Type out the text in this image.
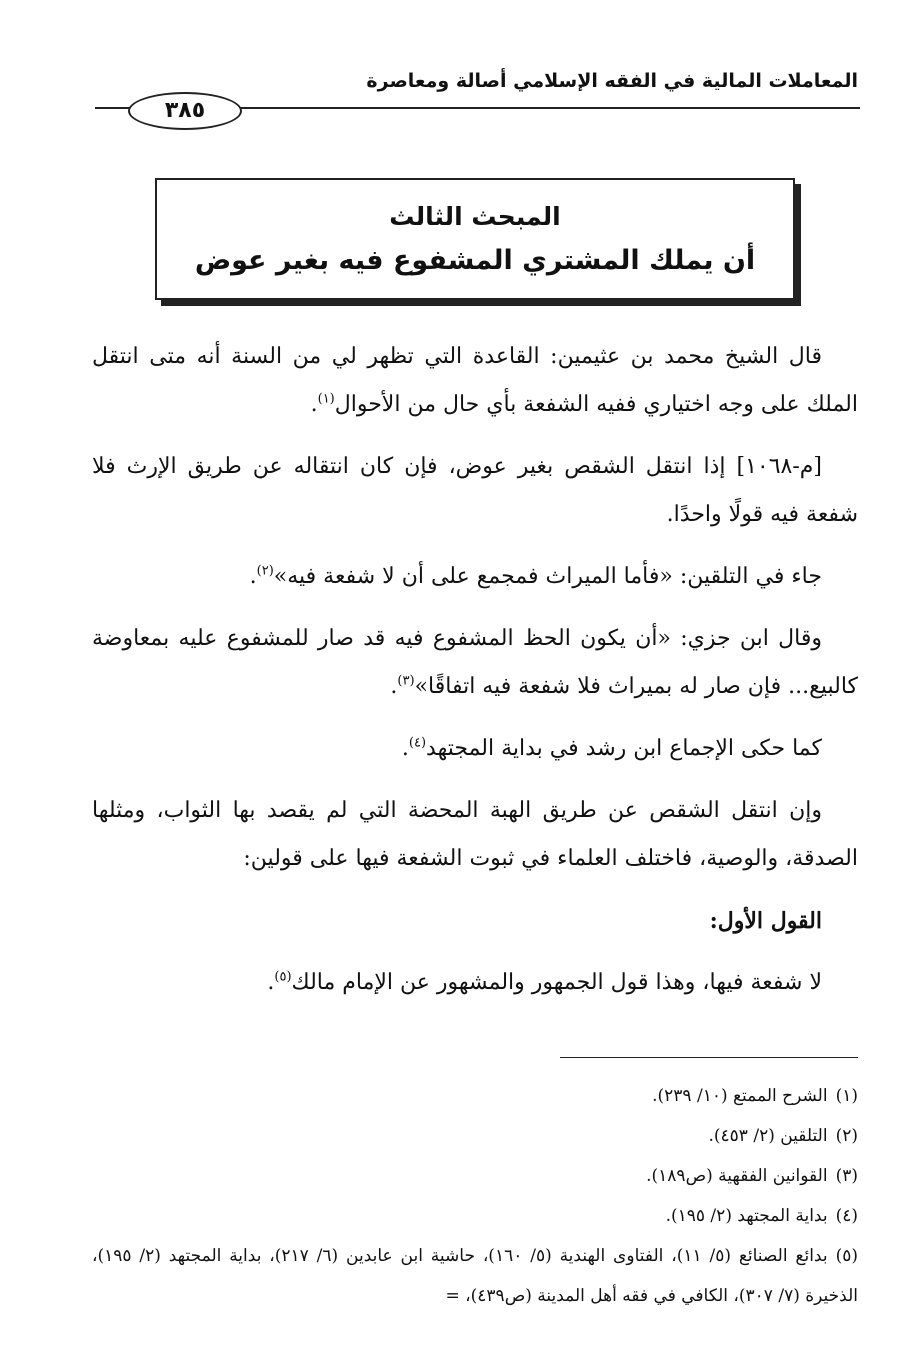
المعاملات المالية في الفقه الإسلامي أصالة ومعاصرة
٣٨٥
المبحث الثالث
أن يملك المشتري المشفوع فيه بغير عوض

قال الشيخ محمد بن عثيمين: القاعدة التي تظهر لي من السنة أنه متى انتقل الملك على وجه اختياري ففيه الشفعة بأي حال من الأحوال$^{(١)}$.

[م-١٠٦٨] إذا انتقل الشقص بغير عوض، فإن كان انتقاله عن طريق الإرث فلا شفعة فيه قولًا واحدًا.

جاء في التلقين: «فأما الميراث فمجمع على أن لا شفعة فيه»$^{(٢)}$.

وقال ابن جزي: «أن يكون الحظ المشفوع فيه قد صار للمشفوع عليه بمعاوضة كالبيع... فإن صار له بميراث فلا شفعة فيه اتفاقًا»$^{(٣)}$.

كما حكى الإجماع ابن رشد في بداية المجتهد$^{(٤)}$.

وإن انتقل الشقص عن طريق الهبة المحضة التي لم يقصد بها الثواب، ومثلها الصدقة، والوصية، فاختلف العلماء في ثبوت الشفعة فيها على قولين:

القول الأول:

لا شفعة فيها، وهذا قول الجمهور والمشهور عن الإمام مالك$^{(٥)}$.

(١)الشرح الممتع (١٠/ ٢٣٩).

(٢)التلقين (٢/ ٤٥٣).

(٣)القوانين الفقهية (ص١٨٩).

(٤)بداية المجتهد (٢/ ١٩٥).

(٥)بدائع الصنائع (٥/ ١١)، الفتاوى الهندية (٥/ ١٦٠)، حاشية ابن عابدين (٦/ ٢١٧)، بداية المجتهد (٢/ ١٩٥)، الذخيرة (٧/ ٣٠٧)، الكافي في فقه أهل المدينة (ص٤٣٩)، =
